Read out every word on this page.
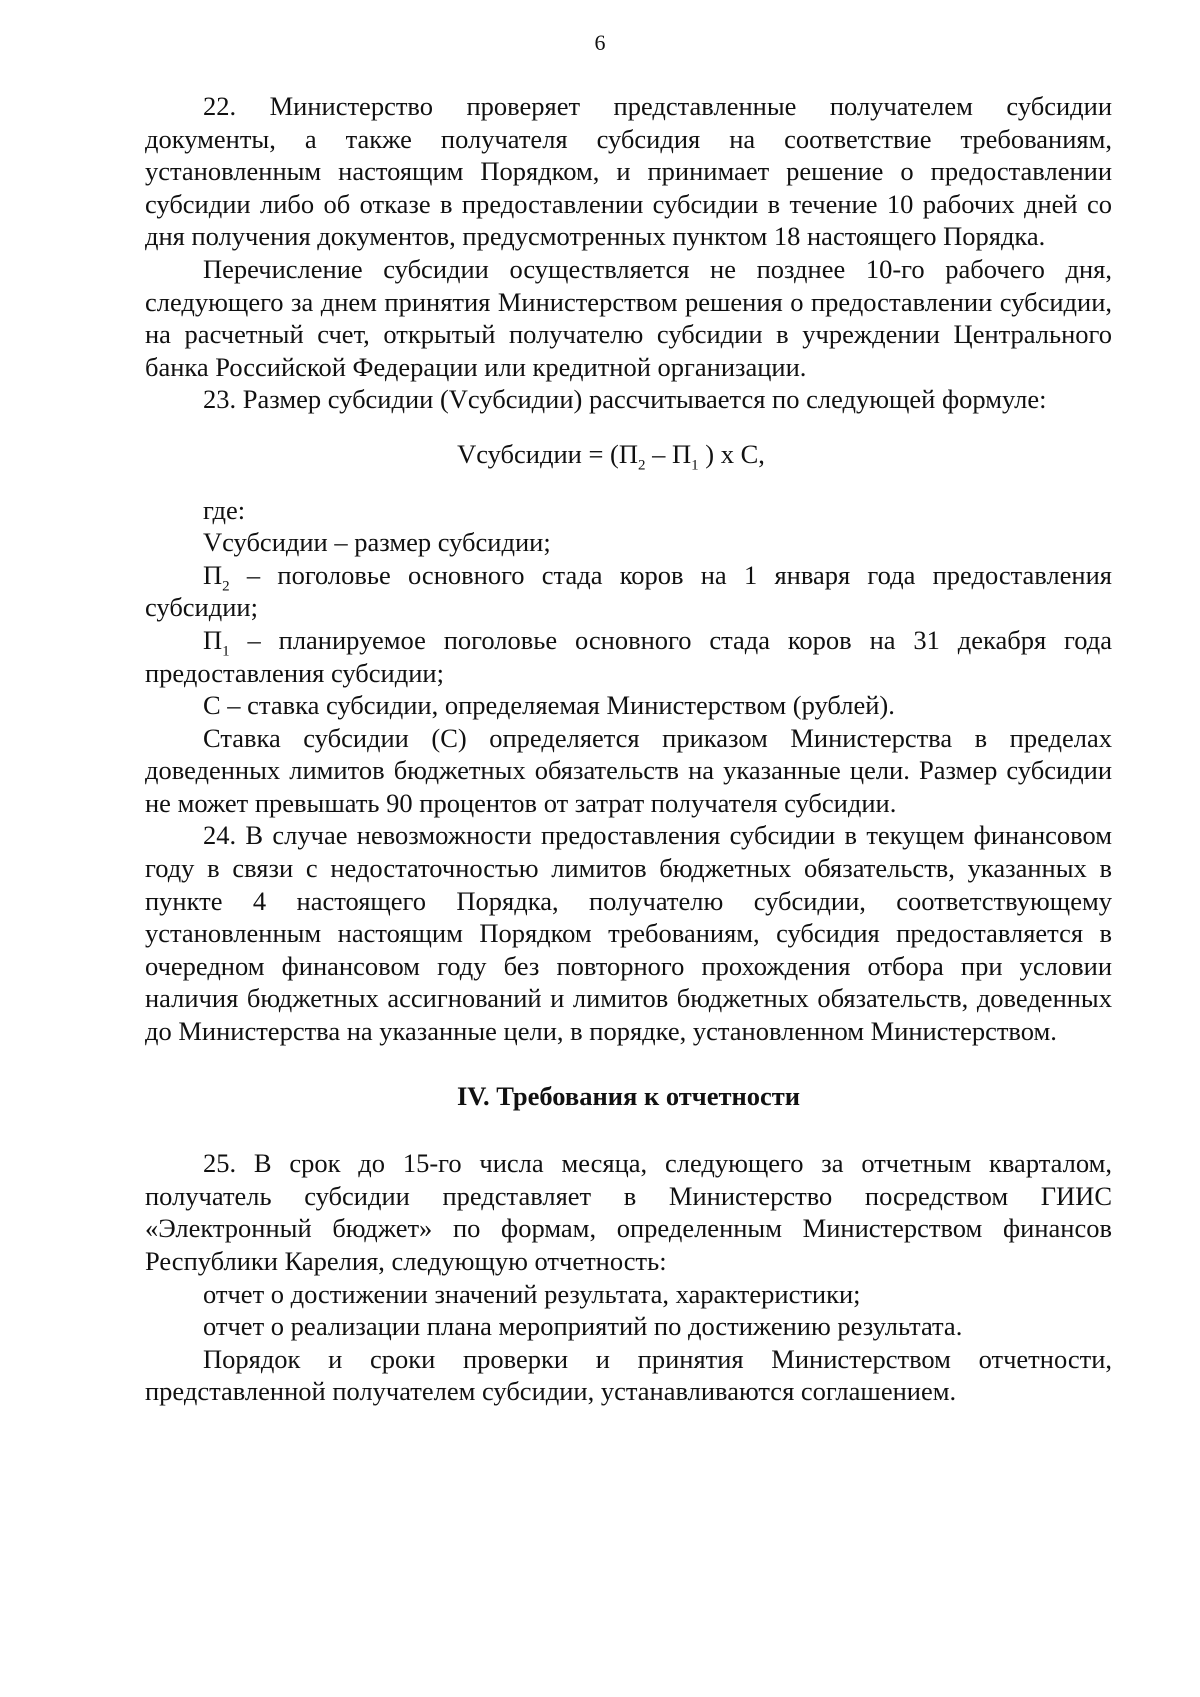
6

22. Министерство проверяет представленные получателем субсидии документы, а также получателя субсидия на соответствие требованиям, установленным настоящим Порядком, и принимает решение о предоставлении субсидии либо об отказе в предоставлении субсидии в течение 10 рабочих дней со дня получения документов, предусмотренных пунктом 18 настоящего Порядка.

Перечисление субсидии осуществляется не позднее 10-го рабочего дня, следующего за днем принятия Министерством решения о предоставлении субсидии, на расчетный счет, открытый получателю субсидии в учреждении Центрального банка Российской Федерации или кредитной организации.

23. Размер субсидии (Vсубсидии) рассчитывается по следующей формуле:

Vсубсидии = ($П_2 - П_1$ ) х С,

где:

Vсубсидии – размер субсидии;

$П_2$ – поголовье основного стада коров на 1 января года предоставления субсидии;

$П_1$ – планируемое поголовье основного стада коров на 31 декабря года предоставления субсидии;

С – ставка субсидии, определяемая Министерством (рублей).

Ставка субсидии (С) определяется приказом Министерства в пределах доведенных лимитов бюджетных обязательств на указанные цели. Размер субсидии не может превышать 90 процентов от затрат получателя субсидии.

24. В случае невозможности предоставления субсидии в текущем финансовом году в связи с недостаточностью лимитов бюджетных обязательств, указанных в пункте 4 настоящего Порядка, получателю субсидии, соответствующему установленным настоящим Порядком требованиям, субсидия предоставляется в очередном финансовом году без повторного прохождения отбора при условии наличия бюджетных ассигнований и лимитов бюджетных обязательств, доведенных до Министерства на указанные цели, в порядке, установленном Министерством.

IV. Требования к отчетности

25. В срок до 15-го числа месяца, следующего за отчетным кварталом, получатель субсидии представляет в Министерство посредством ГИИС «Электронный бюджет» по формам, определенным Министерством финансов Республики Карелия, следующую отчетность:

отчет о достижении значений результата, характеристики;

отчет о реализации плана мероприятий по достижению результата.

Порядок и сроки проверки и принятия Министерством отчетности, представленной получателем субсидии, устанавливаются соглашением.
